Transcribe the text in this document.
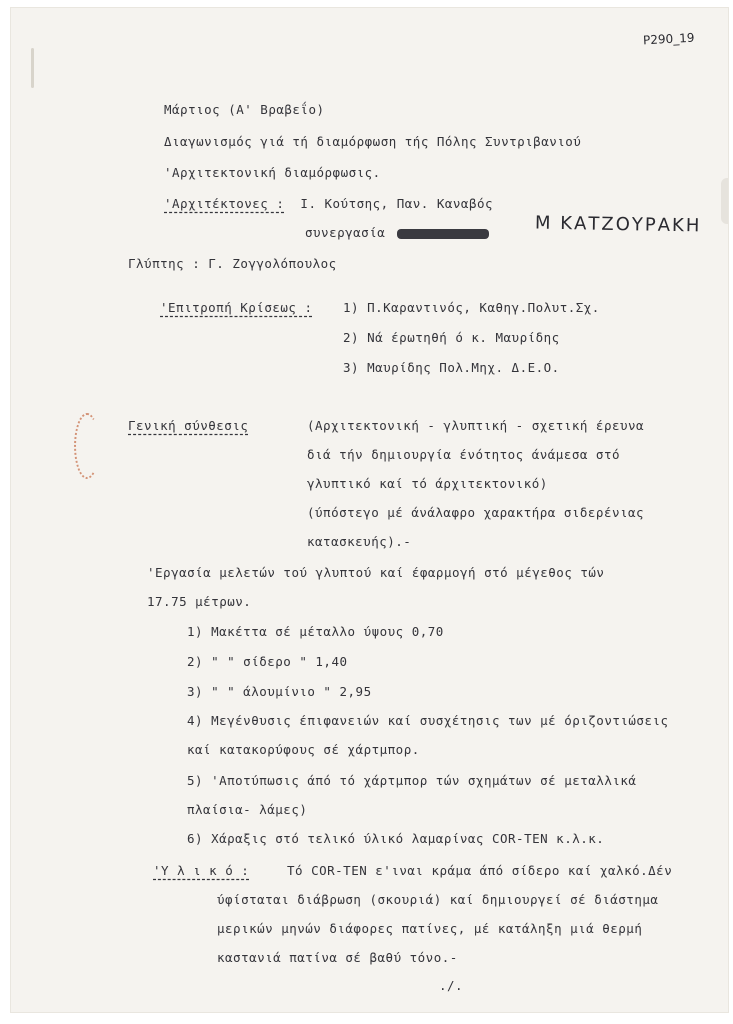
P290_19
Μάρτιος (Α' Βραβεΐο)
Διαγωνισμός γιά τή διαμόρφωση τής Πόλης Συντριβανιού
'Αρχιτεκτονική διαμόρφωσις.
'Αρχιτέκτονες : Ι. Κούτσης, Παν. Καναβός
συνεργασία	Μ ΚΑΤΖΟΥΡΑΚΗ
Γλύπτης : Γ. Ζογγολόπουλος
'Επιτροπή Κρίσεως : 1) Π.Καραντινός, Καθηγ.Πολυτ.Σχ.
2) Νά έρωτηθή ό κ. Μαυρίδης
3) Μαυρίδης Πολ.Μηχ. Δ.Ε.Ο.
Γενική σύνθεσις	(Αρχιτεκτονική - γλυπτική - σχετική έρευνα
διά τήν δημιουργία ένότητος άνάμεσα στό
γλυπτικό καί τό άρχιτεκτονικό)
(ύπόστεγο μέ άνάλαφρο χαρακτήρα σιδερένιας
κατασκευής).-
'Εργασία μελετών τού γλυπτού καί έφαρμογή στό μέγεθος τών
17.75 μέτρων.
1) Μακέττα σέ μέταλλο ύψους 0,70
2) " " σίδερο " 1,40
3) " " άλουμίνιο " 2,95
4) Μεγένθυσις έπιφανειών καί συσχέτησις των μέ όριζοντιώσεις
καί κατακορύφους σέ χάρτμπορ.
5) 'Αποτύπωσις άπό τό χάρτμπορ τών σχημάτων σέ μεταλλικά
πλαίσια- λάμες)
6) Χάραξις στό τελικό ύλικό λαμαρίνας COR-TEN κ.λ.κ.
'Υ λ ι κ ό :	Τό COR-TEN ε'ιναι κράμα άπό σίδερο καί χαλκό.Δέν
ύφίσταται διάβρωση (σκουριά) καί δημιουργεί σέ διάστημα
μερικών μηνών διάφορες πατίνες, μέ κατάληξη μιά θερμή
καστανιά πατίνα σέ βαθύ τόνο.-
./.
